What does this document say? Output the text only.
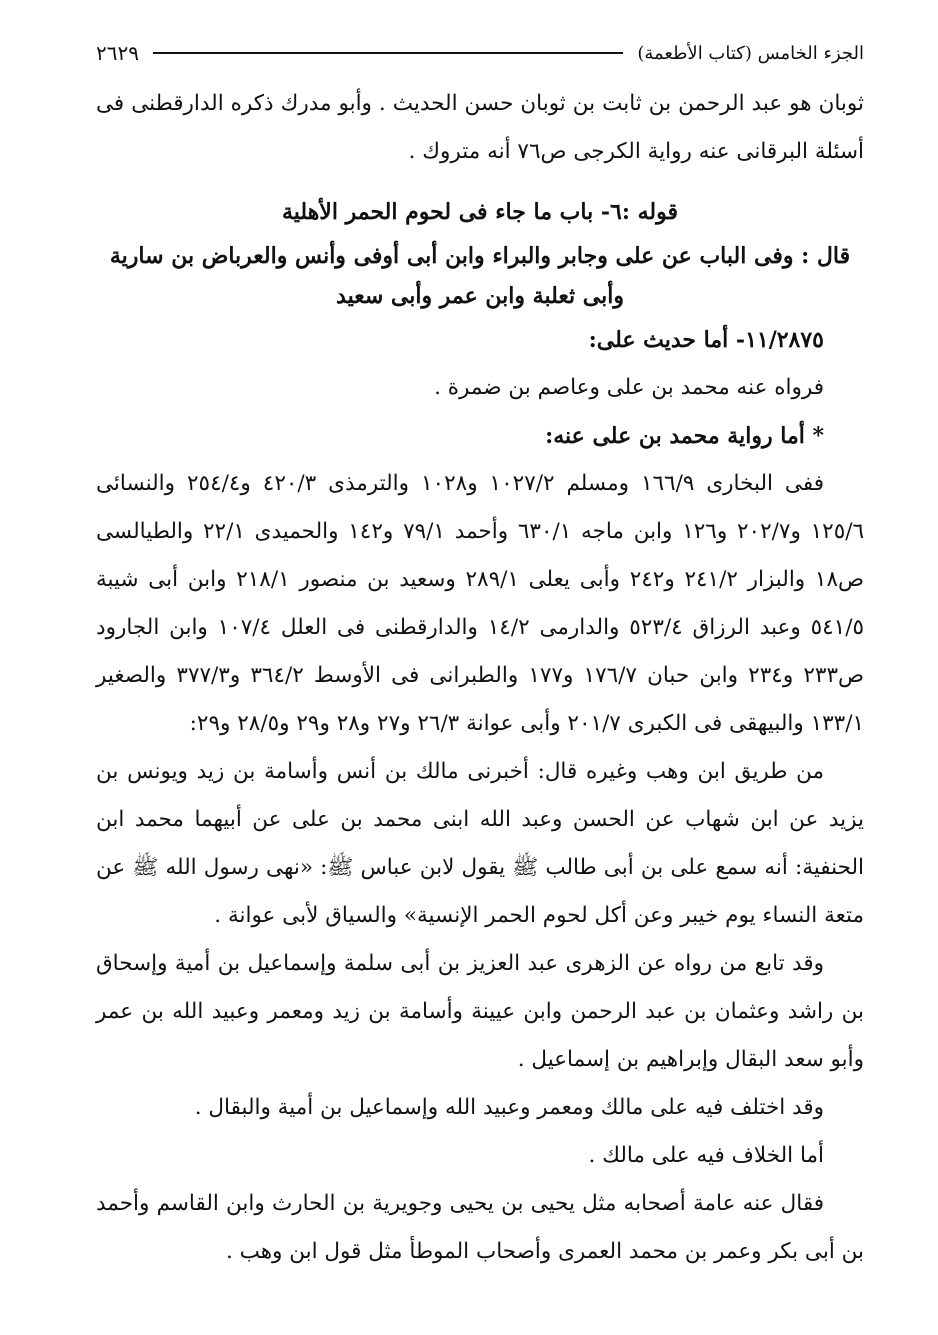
الجزء الخامس (كتاب الأطعمة)
٢٦٢٩

ثوبان هو عبد الرحمن بن ثابت بن ثوبان حسن الحديث . وأبو مدرك ذكره الدارقطنى فى أسئلة البرقانى عنه رواية الكرجى ص٧٦ أنه متروك .

قوله :٦- باب ما جاء فى لحوم الحمر الأهلية
قال : وفى الباب عن على وجابر والبراء وابن أبى أوفى وأنس والعرباض بن سارية وأبى ثعلبة وابن عمر وأبى سعيد
١١/٢٨٧٥- أما حديث على:
فرواه عنه محمد بن على وعاصم بن ضمرة .
* أما رواية محمد بن على عنه:

ففى البخارى ١٦٦/٩ ومسلم ١٠٢٧/٢ و١٠٢٨ والترمذى ٤٢٠/٣ و٢٥٤/٤ والنسائى ١٢٥/٦ و٢٠٢/٧ و١٢٦ وابن ماجه ٦٣٠/١ وأحمد ٧٩/١ و١٤٢ والحميدى ٢٢/١ والطيالسى ص١٨ والبزار ٢٤١/٢ و٢٤٢ وأبى يعلى ٢٨٩/١ وسعيد بن منصور ٢١٨/١ وابن أبى شيبة ٥٤١/٥ وعبد الرزاق ٥٢٣/٤ والدارمى ١٤/٢ والدارقطنى فى العلل ١٠٧/٤ وابن الجارود ص٢٣٣ و٢٣٤ وابن حبان ١٧٦/٧ و١٧٧ والطبرانى فى الأوسط ٣٦٤/٢ و٣٧٧/٣ والصغير ١٣٣/١ والبيهقى فى الكبرى ٢٠١/٧ وأبى عوانة ٢٦/٣ و٢٧ و٢٨ و٢٩ و٢٨/٥ و٢٩:

من طريق ابن وهب وغيره قال: أخبرنى مالك بن أنس وأسامة بن زيد ويونس بن يزيد عن ابن شهاب عن الحسن وعبد الله ابنى محمد بن على عن أبيهما محمد ابن الحنفية: أنه سمع على بن أبى طالب ﷺ يقول لابن عباس ﷺ: «نهى رسول الله ﷺ عن متعة النساء يوم خيبر وعن أكل لحوم الحمر الإنسية» والسياق لأبى عوانة .

وقد تابع من رواه عن الزهرى عبد العزيز بن أبى سلمة وإسماعيل بن أمية وإسحاق بن راشد وعثمان بن عبد الرحمن وابن عيينة وأسامة بن زيد ومعمر وعبيد الله بن عمر وأبو سعد البقال وإبراهيم بن إسماعيل .

وقد اختلف فيه على مالك ومعمر وعبيد الله وإسماعيل بن أمية والبقال .

أما الخلاف فيه على مالك .

فقال عنه عامة أصحابه مثل يحيى بن يحيى وجويرية بن الحارث وابن القاسم وأحمد بن أبى بكر وعمر بن محمد العمرى وأصحاب الموطأ مثل قول ابن وهب .
